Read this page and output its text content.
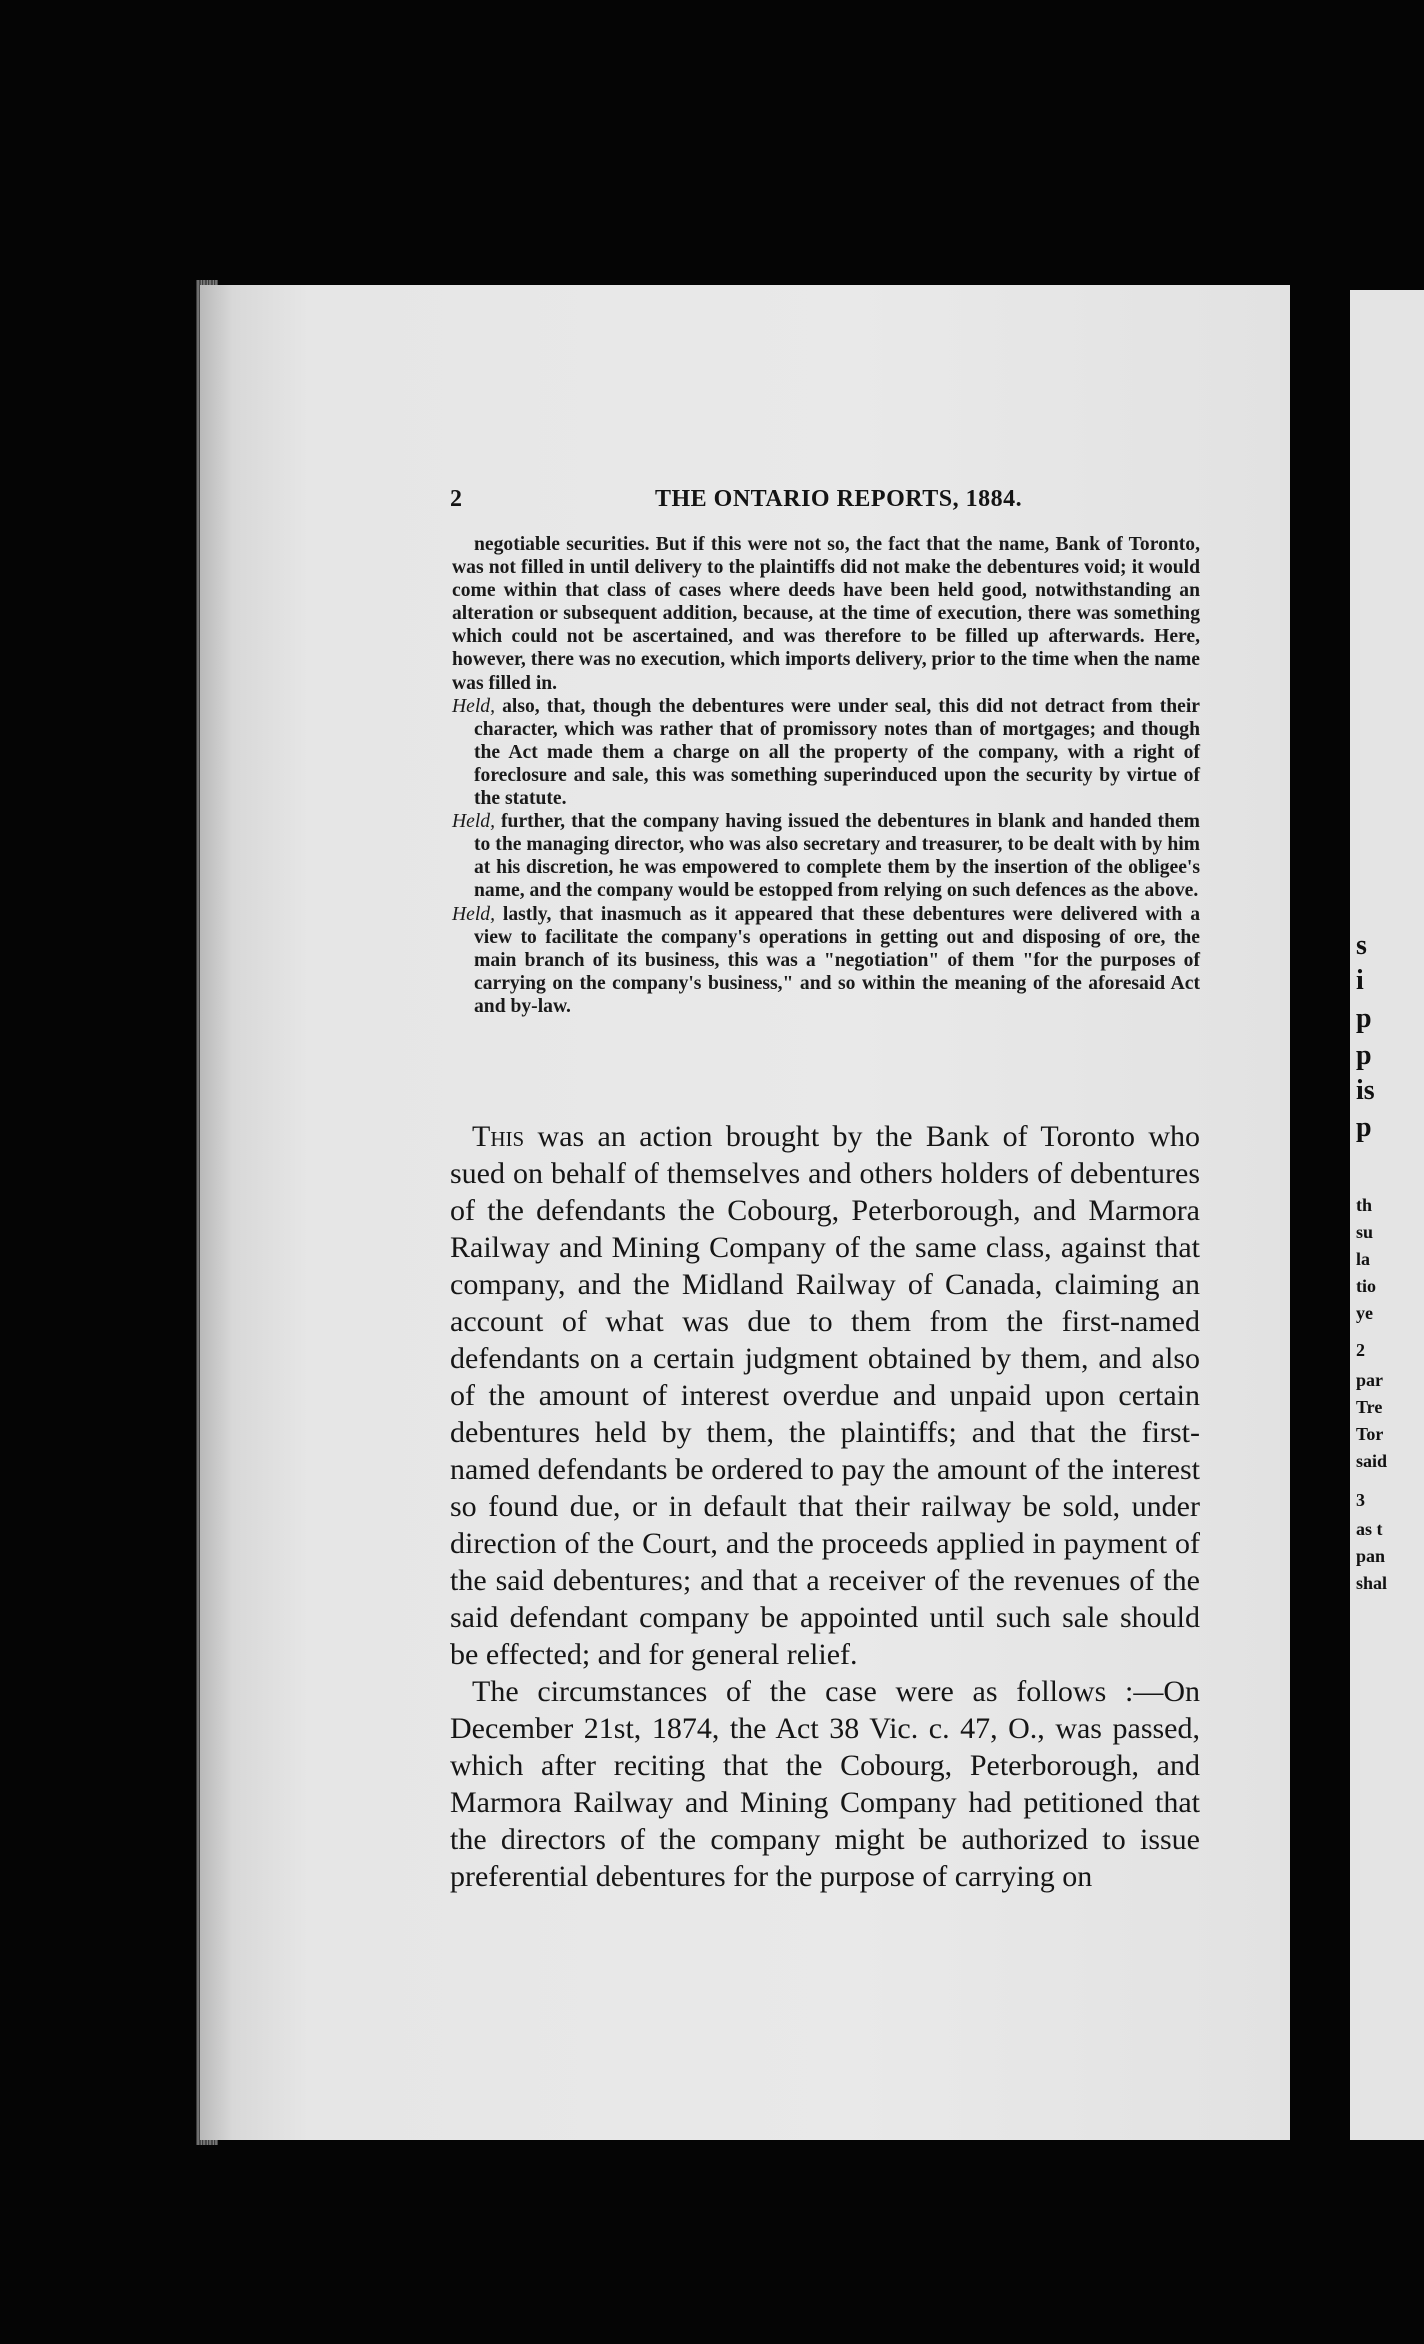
2	THE ONTARIO REPORTS, 1884.

negotiable securities. But if this were not so, the fact that the name, Bank of Toronto, was not filled in until delivery to the plaintiffs did not make the debentures void; it would come within that class of cases where deeds have been held good, notwithstanding an alteration or subsequent addition, because, at the time of execution, there was something which could not be ascertained, and was therefore to be filled up afterwards. Here, however, there was no execution, which imports delivery, prior to the time when the name was filled in.

Held, also, that, though the debentures were under seal, this did not detract from their character, which was rather that of promissory notes than of mortgages; and though the Act made them a charge on all the property of the company, with a right of foreclosure and sale, this was something superinduced upon the security by virtue of the statute.

Held, further, that the company having issued the debentures in blank and handed them to the managing director, who was also secretary and treasurer, to be dealt with by him at his discretion, he was empowered to complete them by the insertion of the obligee's name, and the company would be estopped from relying on such defences as the above.

Held, lastly, that inasmuch as it appeared that these debentures were delivered with a view to facilitate the company's operations in getting out and disposing of ore, the main branch of its business, this was a "negotiation" of them "for the purposes of carrying on the company's business," and so within the meaning of the aforesaid Act and by-law.

This was an action brought by the Bank of Toronto who sued on behalf of themselves and others holders of debentures of the defendants the Cobourg, Peterborough, and Marmora Railway and Mining Company of the same class, against that company, and the Midland Railway of Canada, claiming an account of what was due to them from the first-named defendants on a certain judgment obtained by them, and also of the amount of interest overdue and unpaid upon certain debentures held by them, the plaintiffs; and that the first-named defendants be ordered to pay the amount of the interest so found due, or in default that their railway be sold, under direction of the Court, and the proceeds applied in payment of the said debentures; and that a receiver of the revenues of the said defendant company be appointed until such sale should be effected; and for general relief.

The circumstances of the case were as follows :—On December 21st, 1874, the Act 38 Vic. c. 47, O., was passed, which after reciting that the Cobourg, Peterborough, and Marmora Railway and Mining Company had petitioned that the directors of the company might be authorized to issue preferential debentures for the purpose of carrying on

s
i
p
p
is
p
th
su
la
tio
ye
2
par
Tre
Tor
said
3
as t
pan
shal
